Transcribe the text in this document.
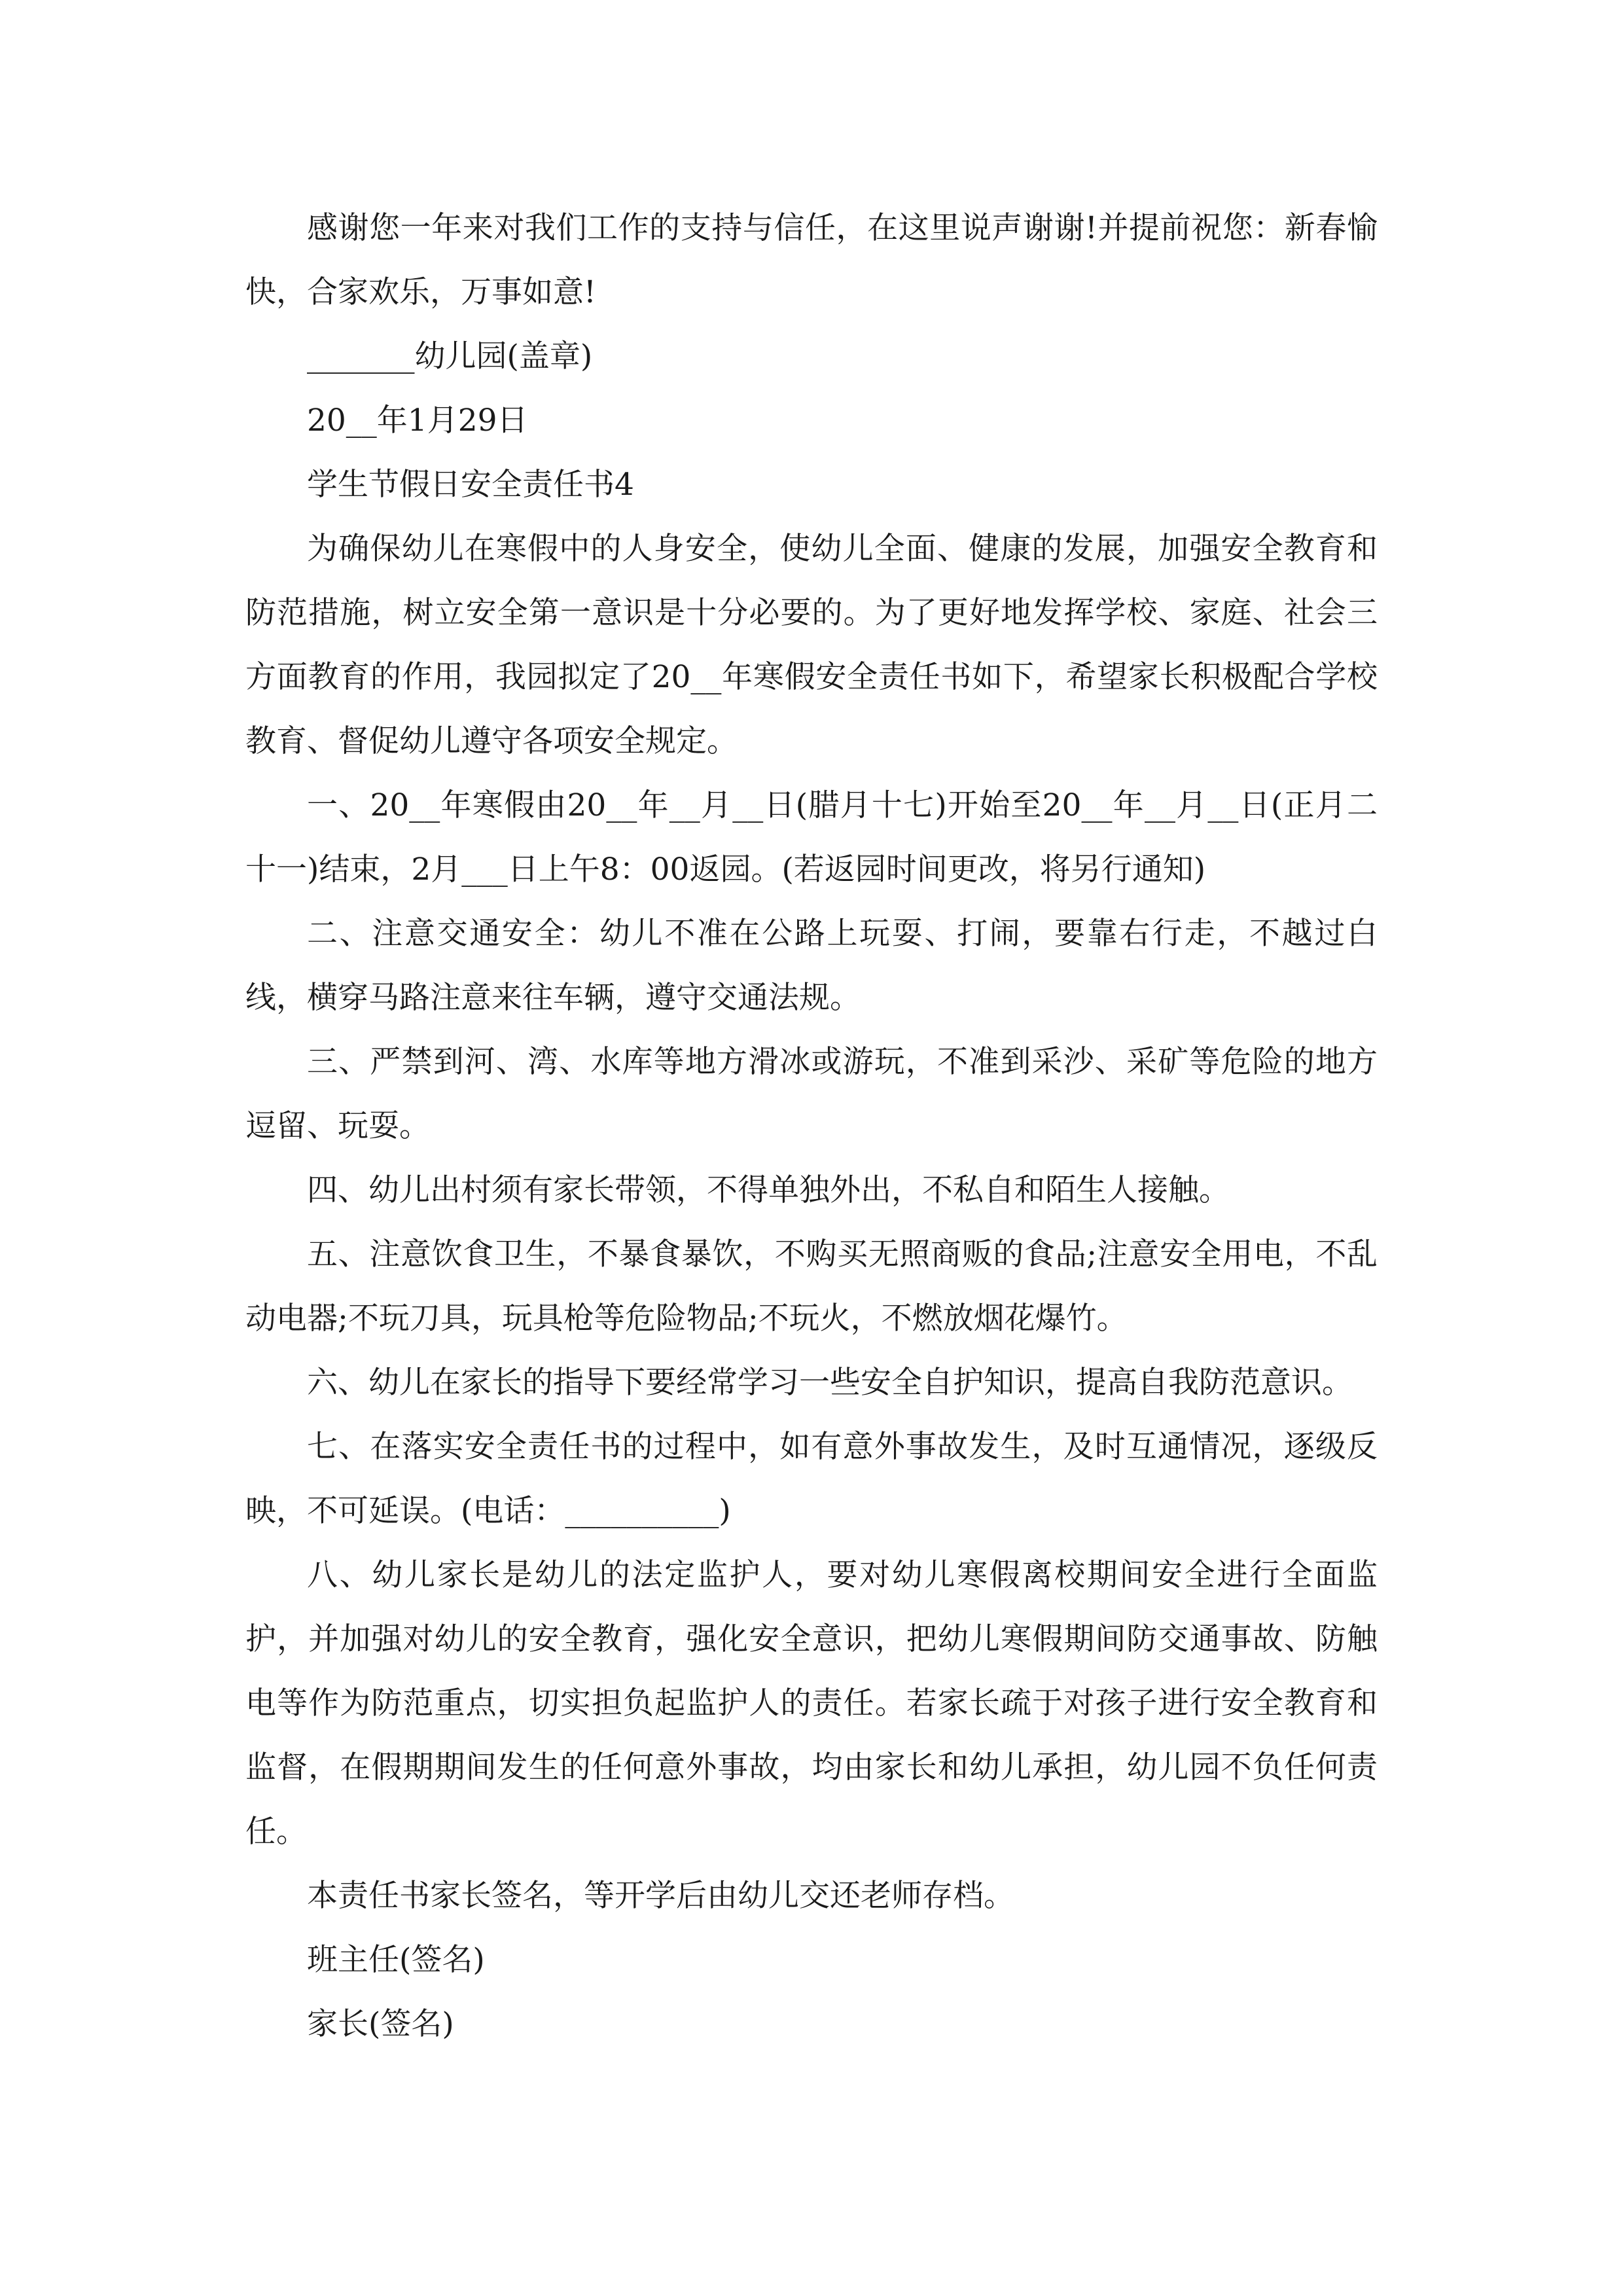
感谢您一年来对我们工作的支持与信任，在这里说声谢谢!并提前祝您：新春愉快，合家欢乐，万事如意!

_______幼儿园(盖章)

20__年1月29日

学生节假日安全责任书4

为确保幼儿在寒假中的人身安全，使幼儿全面、健康的发展，加强安全教育和防范措施，树立安全第一意识是十分必要的。为了更好地发挥学校、家庭、社会三方面教育的作用，我园拟定了20__年寒假安全责任书如下，希望家长积极配合学校教育、督促幼儿遵守各项安全规定。

一、20__年寒假由20__年__月__日(腊月十七)开始至20__年__月__日(正月二十一)结束，2月___日上午8：00返园。(若返园时间更改，将另行通知)

二、注意交通安全：幼儿不准在公路上玩耍、打闹，要靠右行走，不越过白线，横穿马路注意来往车辆，遵守交通法规。

三、严禁到河、湾、水库等地方滑冰或游玩，不准到采沙、采矿等危险的地方逗留、玩耍。

四、幼儿出村须有家长带领，不得单独外出，不私自和陌生人接触。

五、注意饮食卫生，不暴食暴饮，不购买无照商贩的食品;注意安全用电，不乱动电器;不玩刀具，玩具枪等危险物品;不玩火，不燃放烟花爆竹。

六、幼儿在家长的指导下要经常学习一些安全自护知识，提高自我防范意识。

七、在落实安全责任书的过程中，如有意外事故发生，及时互通情况，逐级反映，不可延误。(电话：__________)

八、幼儿家长是幼儿的法定监护人，要对幼儿寒假离校期间安全进行全面监护，并加强对幼儿的安全教育，强化安全意识，把幼儿寒假期间防交通事故、防触电等作为防范重点，切实担负起监护人的责任。若家长疏于对孩子进行安全教育和监督，在假期期间发生的任何意外事故，均由家长和幼儿承担，幼儿园不负任何责任。

本责任书家长签名，等开学后由幼儿交还老师存档。

班主任(签名)

家长(签名)
